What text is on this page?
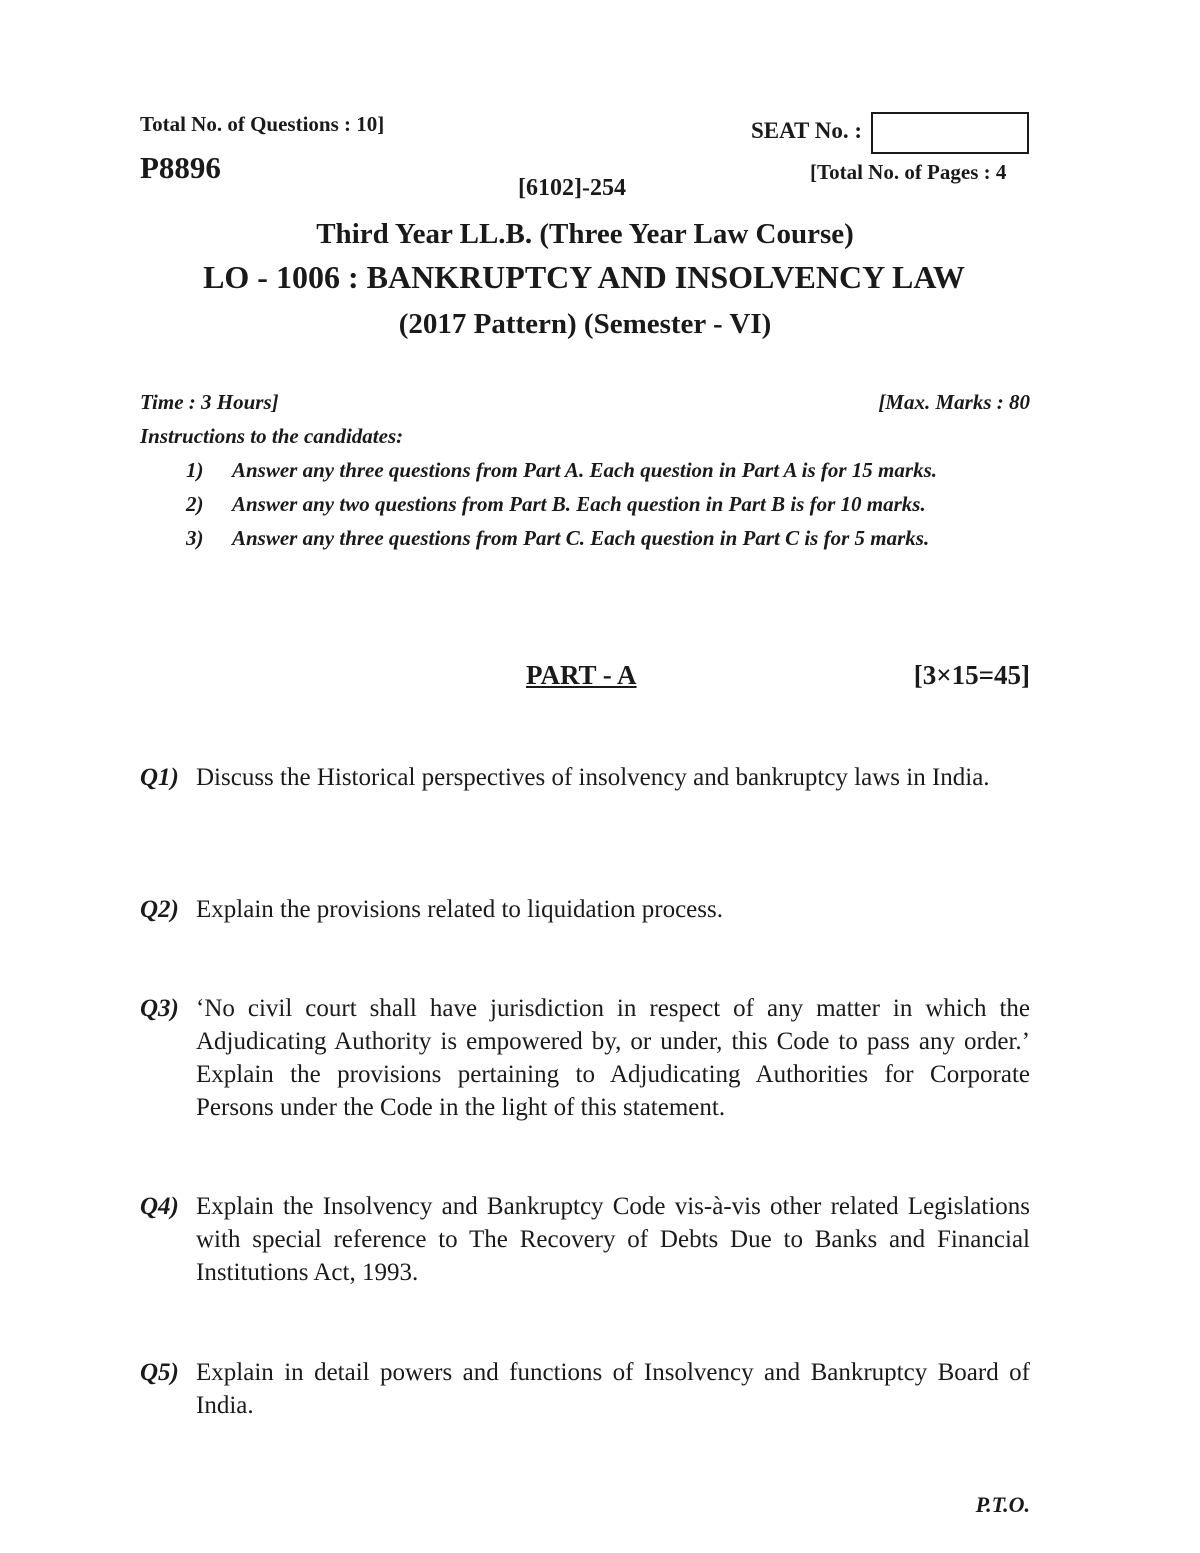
Total No. of Questions : 10]
P8896
SEAT No. :
[Total No. of Pages : 4
[6102]-254
Third Year LL.B. (Three Year Law Course)
LO - 1006 : BANKRUPTCY AND INSOLVENCY LAW
(2017 Pattern) (Semester - VI)
Time : 3 Hours]	[Max. Marks : 80
Instructions to the candidates:
1) Answer any three questions from Part A. Each question in Part A is for 15 marks.
2) Answer any two questions from Part B. Each question in Part B is for 10 marks.
3) Answer any three questions from Part C. Each question in Part C is for 5 marks.
PART - A	[3×15=45]
Q1) Discuss the Historical perspectives of insolvency and bankruptcy laws in India.
Q2) Explain the provisions related to liquidation process.
Q3) ‘No civil court shall have jurisdiction in respect of any matter in which the Adjudicating Authority is empowered by, or under, this Code to pass any order.’ Explain the provisions pertaining to Adjudicating Authorities for Corporate Persons under the Code in the light of this statement.
Q4) Explain the Insolvency and Bankruptcy Code vis-à-vis other related Legislations with special reference to The Recovery of Debts Due to Banks and Financial Institutions Act, 1993.
Q5) Explain in detail powers and functions of Insolvency and Bankruptcy Board of India.
P.T.O.
